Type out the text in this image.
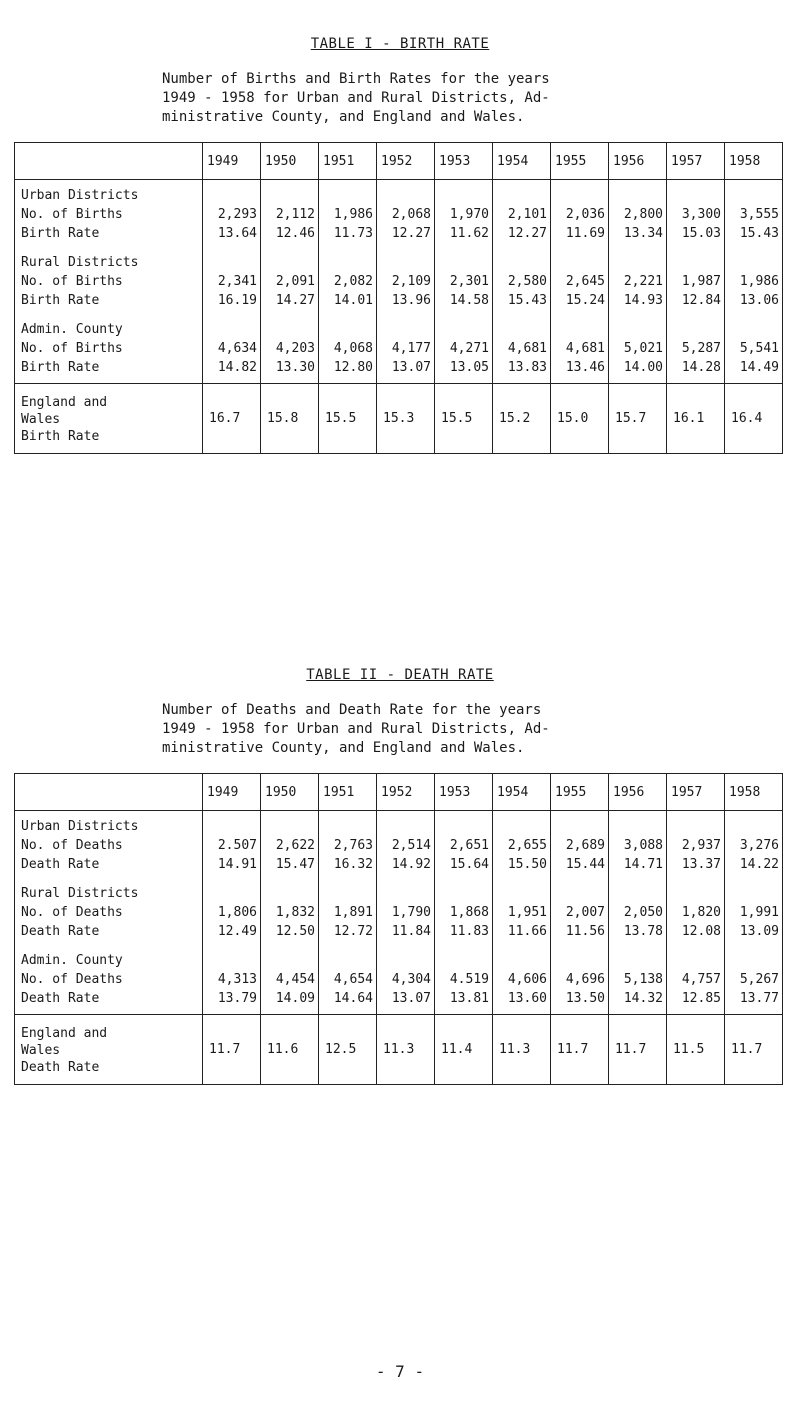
TABLE I - BIRTH RATE
Number of Births and Birth Rates for the years
1949 - 1958 for Urban and Rural Districts, Ad-
ministrative County, and England and Wales.
	1949	1950	1951	1952	1953	1954	1955	1956	1957	1958

Urban Districts										
No. of Births	2,293	2,112	1,986	2,068	1,970	2,101	2,036	2,800	3,300	3,555
Birth Rate	13.64	12.46	11.73	12.27	11.62	12.27	11.69	13.34	15.03	15.43

Rural Districts										
No. of Births	2,341	2,091	2,082	2,109	2,301	2,580	2,645	2,221	1,987	1,986
Birth Rate	16.19	14.27	14.01	13.96	14.58	15.43	15.24	14.93	12.84	13.06

Admin. County										
No. of Births	4,634	4,203	4,068	4,177	4,271	4,681	4,681	5,021	5,287	5,541
Birth Rate	14.82	13.30	12.80	13.07	13.05	13.83	13.46	14.00	14.28	14.49

England and
Wales
Birth Rate	16.7	15.8	15.5	15.3	15.5	15.2	15.0	15.7	16.1	16.4
TABLE II - DEATH RATE
Number of Deaths and Death Rate for the years
1949 - 1958 for Urban and Rural Districts, Ad-
ministrative County, and England and Wales.
	1949	1950	1951	1952	1953	1954	1955	1956	1957	1958

Urban Districts										
No. of Deaths	2.507	2,622	2,763	2,514	2,651	2,655	2,689	3,088	2,937	3,276
Death Rate	14.91	15.47	16.32	14.92	15.64	15.50	15.44	14.71	13.37	14.22

Rural Districts										
No. of Deaths	1,806	1,832	1,891	1,790	1,868	1,951	2,007	2,050	1,820	1,991
Death Rate	12.49	12.50	12.72	11.84	11.83	11.66	11.56	13.78	12.08	13.09

Admin. County										
No. of Deaths	4,313	4,454	4,654	4,304	4.519	4,606	4,696	5,138	4,757	5,267
Death Rate	13.79	14.09	14.64	13.07	13.81	13.60	13.50	14.32	12.85	13.77

England and
Wales
Death Rate	11.7	11.6	12.5	11.3	11.4	11.3	11.7	11.7	11.5	11.7
- 7 -
